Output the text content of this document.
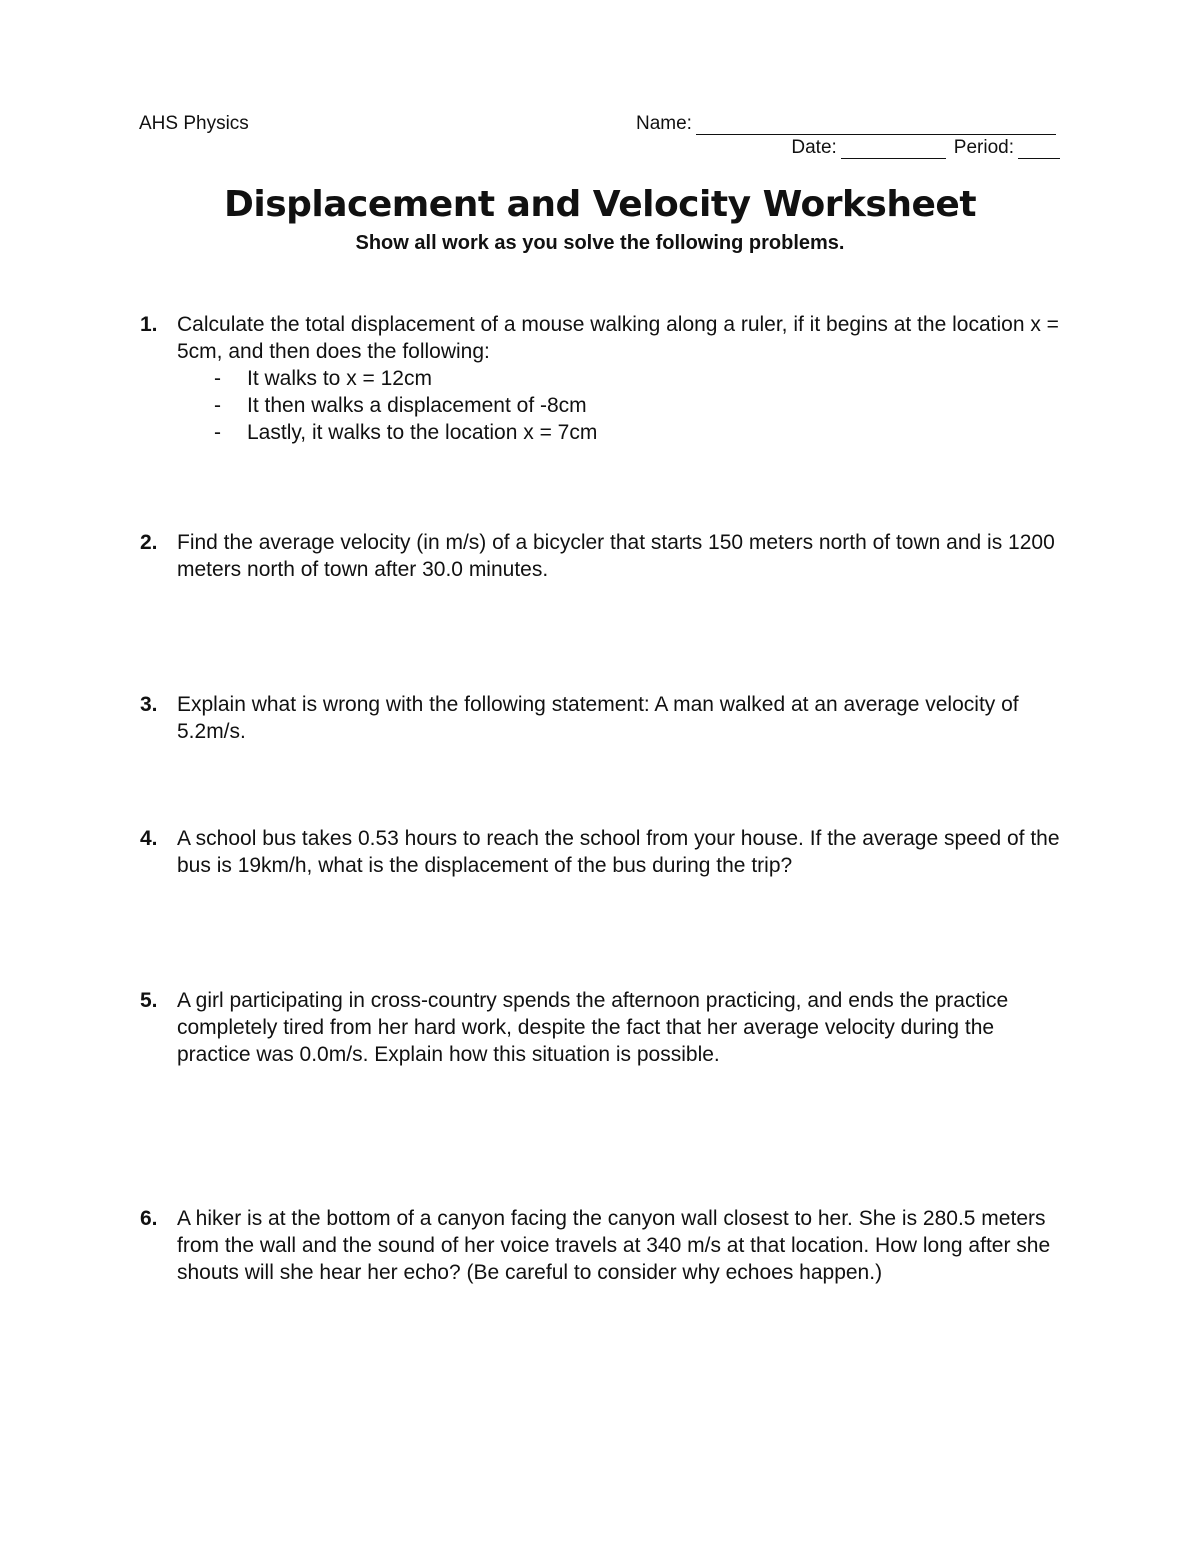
AHS Physics	Name:
Date:	Period:
Displacement and Velocity Worksheet
Show all work as you solve the following problems.
1. Calculate the total displacement of a mouse walking along a ruler, if it begins at the location x = 5cm, and then does the following:
- It walks to x = 12cm
- It then walks a displacement of -8cm
- Lastly, it walks to the location x = 7cm
2. Find the average velocity (in m/s) of a bicycler that starts 150 meters north of town and is 1200 meters north of town after 30.0 minutes.
3. Explain what is wrong with the following statement: A man walked at an average velocity of 5.2m/s.
4. A school bus takes 0.53 hours to reach the school from your house. If the average speed of the bus is 19km/h, what is the displacement of the bus during the trip?
5. A girl participating in cross-country spends the afternoon practicing, and ends the practice completely tired from her hard work, despite the fact that her average velocity during the practice was 0.0m/s. Explain how this situation is possible.
6. A hiker is at the bottom of a canyon facing the canyon wall closest to her. She is 280.5 meters from the wall and the sound of her voice travels at 340 m/s at that location. How long after she shouts will she hear her echo? (Be careful to consider why echoes happen.)
